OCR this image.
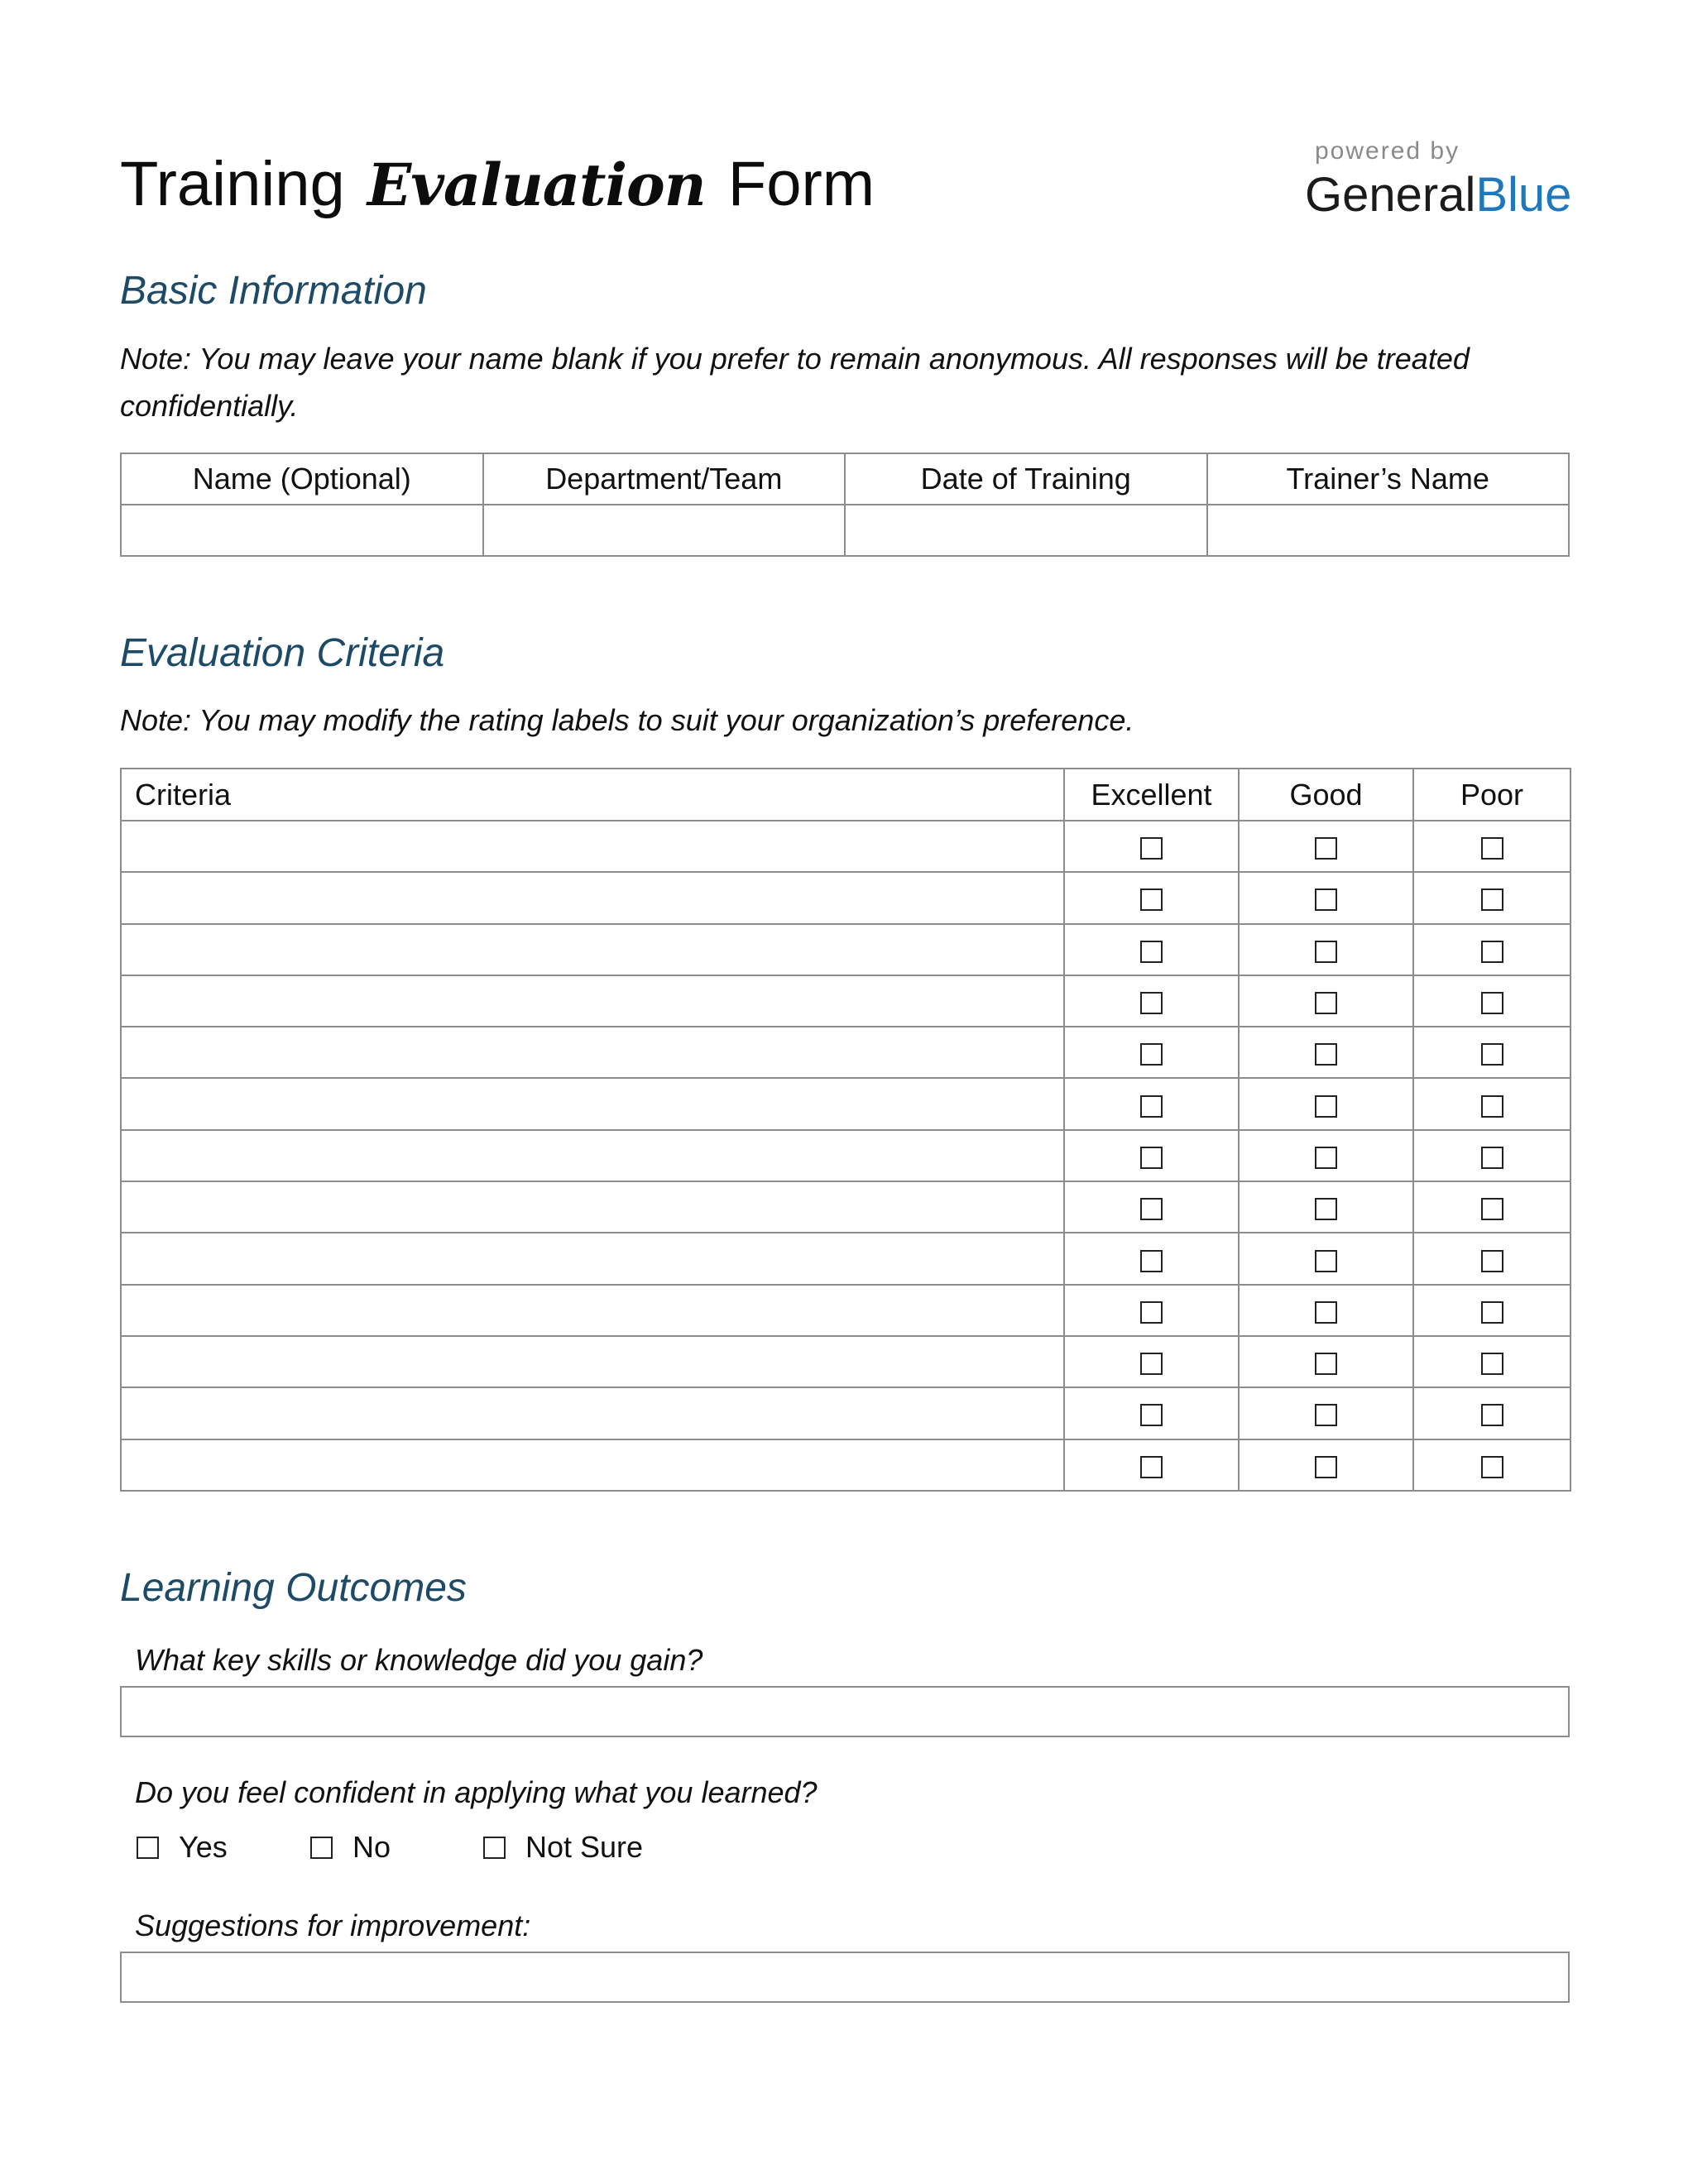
Training Evaluation Form	powered by
GeneralBlue
Basic Information
Note: You may leave your name blank if you prefer to remain anonymous. All responses will be treated confidentially.
Name (Optional)	Department/Team	Date of Training	Trainer’s Name

Evaluation Criteria
Note: You may modify the rating labels to suit your organization’s preference.
Criteria	Excellent	Good	Poor

Learning Outcomes
What key skills or knowledge did you gain?
Do you feel confident in applying what you learned?
Yes	No	Not Sure
Suggestions for improvement:
